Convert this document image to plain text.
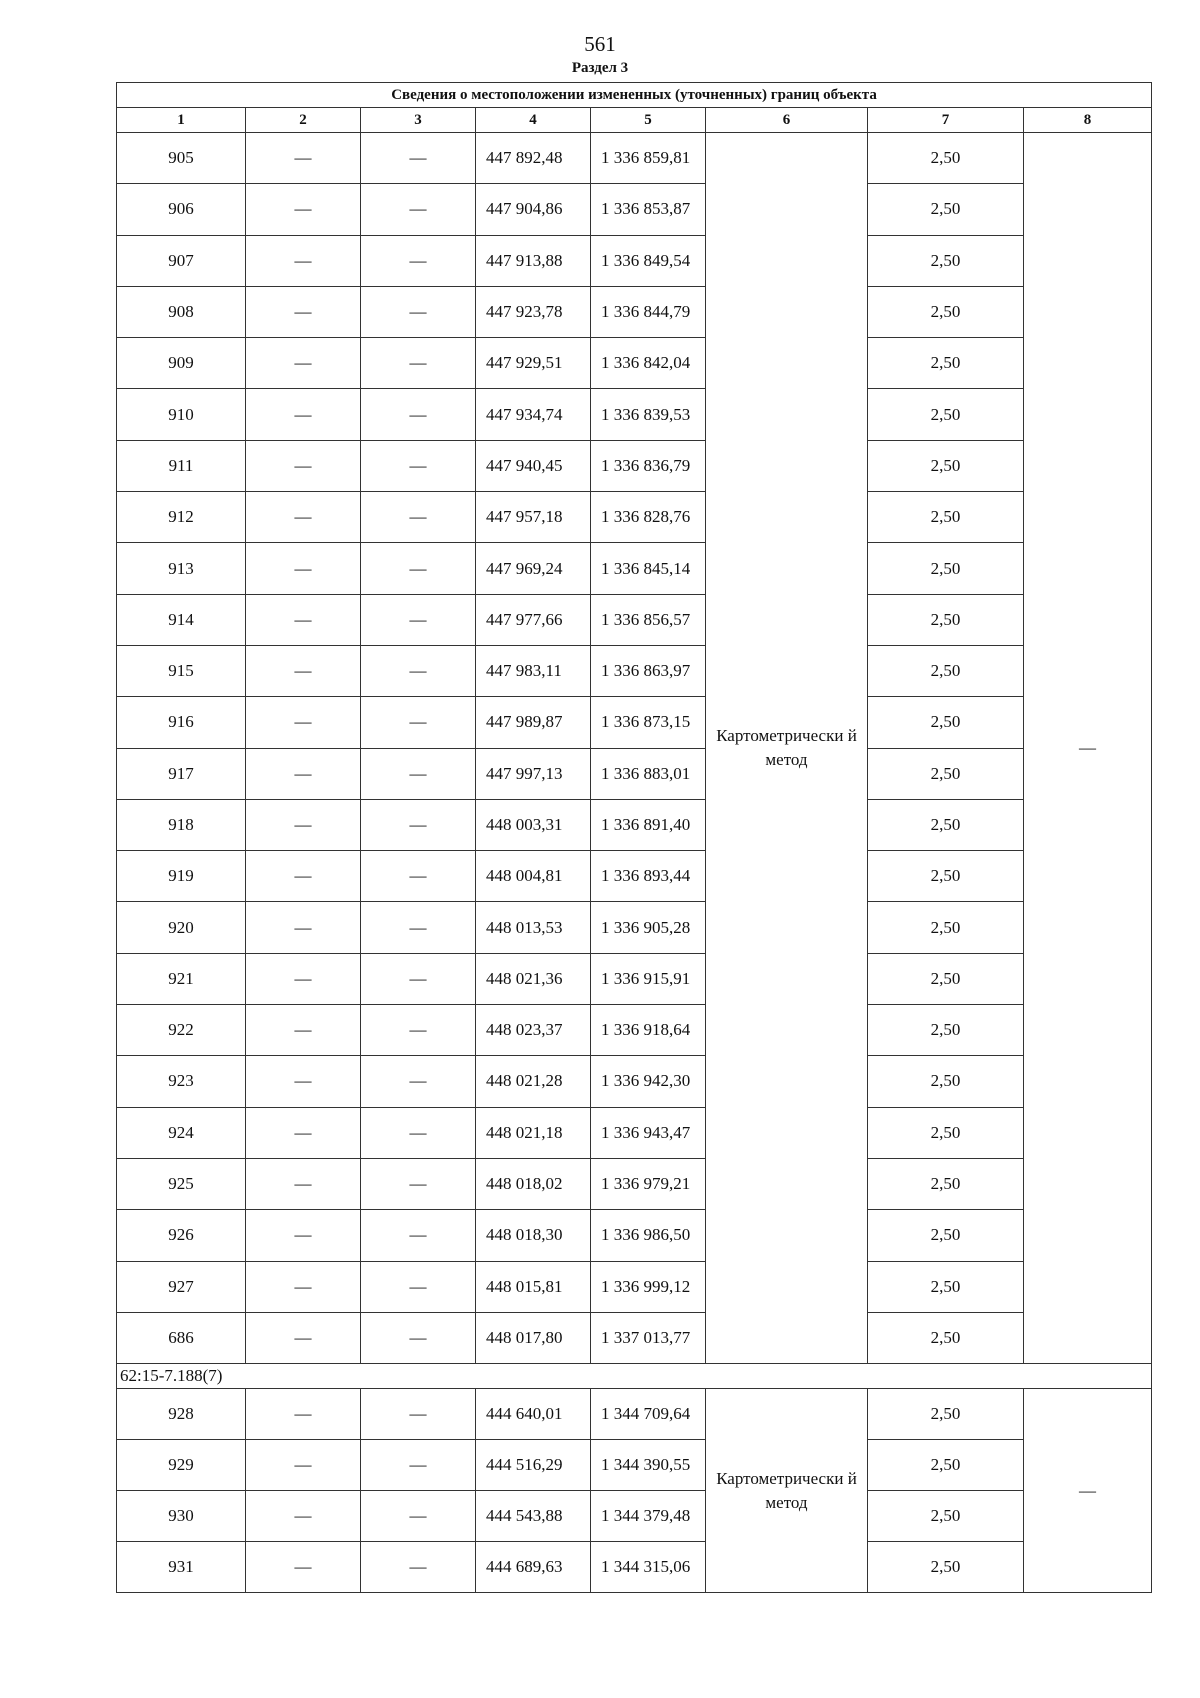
561
Раздел 3
Сведения о местоположении измененных (уточненных) границ объекта							
1	2	3	4	5	6	7	8
905	—	—	447 892,48	1 336 859,81	Картометрически й метод	2,50	—
906	—	—	447 904,86	1 336 853,87		2,50	
907	—	—	447 913,88	1 336 849,54		2,50	
908	—	—	447 923,78	1 336 844,79		2,50	
909	—	—	447 929,51	1 336 842,04		2,50	
910	—	—	447 934,74	1 336 839,53		2,50	
911	—	—	447 940,45	1 336 836,79		2,50	
912	—	—	447 957,18	1 336 828,76		2,50	
913	—	—	447 969,24	1 336 845,14		2,50	
914	—	—	447 977,66	1 336 856,57		2,50	
915	—	—	447 983,11	1 336 863,97		2,50	
916	—	—	447 989,87	1 336 873,15		2,50	
917	—	—	447 997,13	1 336 883,01		2,50	
918	—	—	448 003,31	1 336 891,40		2,50	
919	—	—	448 004,81	1 336 893,44		2,50	
920	—	—	448 013,53	1 336 905,28		2,50	
921	—	—	448 021,36	1 336 915,91		2,50	
922	—	—	448 023,37	1 336 918,64		2,50	
923	—	—	448 021,28	1 336 942,30		2,50	
924	—	—	448 021,18	1 336 943,47		2,50	
925	—	—	448 018,02	1 336 979,21		2,50	
926	—	—	448 018,30	1 336 986,50		2,50	
927	—	—	448 015,81	1 336 999,12		2,50	
686	—	—	448 017,80	1 337 013,77		2,50	
62:15-7.188(7)							
928	—	—	444 640,01	1 344 709,64	Картометрически й метод	2,50	—
929	—	—	444 516,29	1 344 390,55		2,50	
930	—	—	444 543,88	1 344 379,48		2,50	
931	—	—	444 689,63	1 344 315,06		2,50	
